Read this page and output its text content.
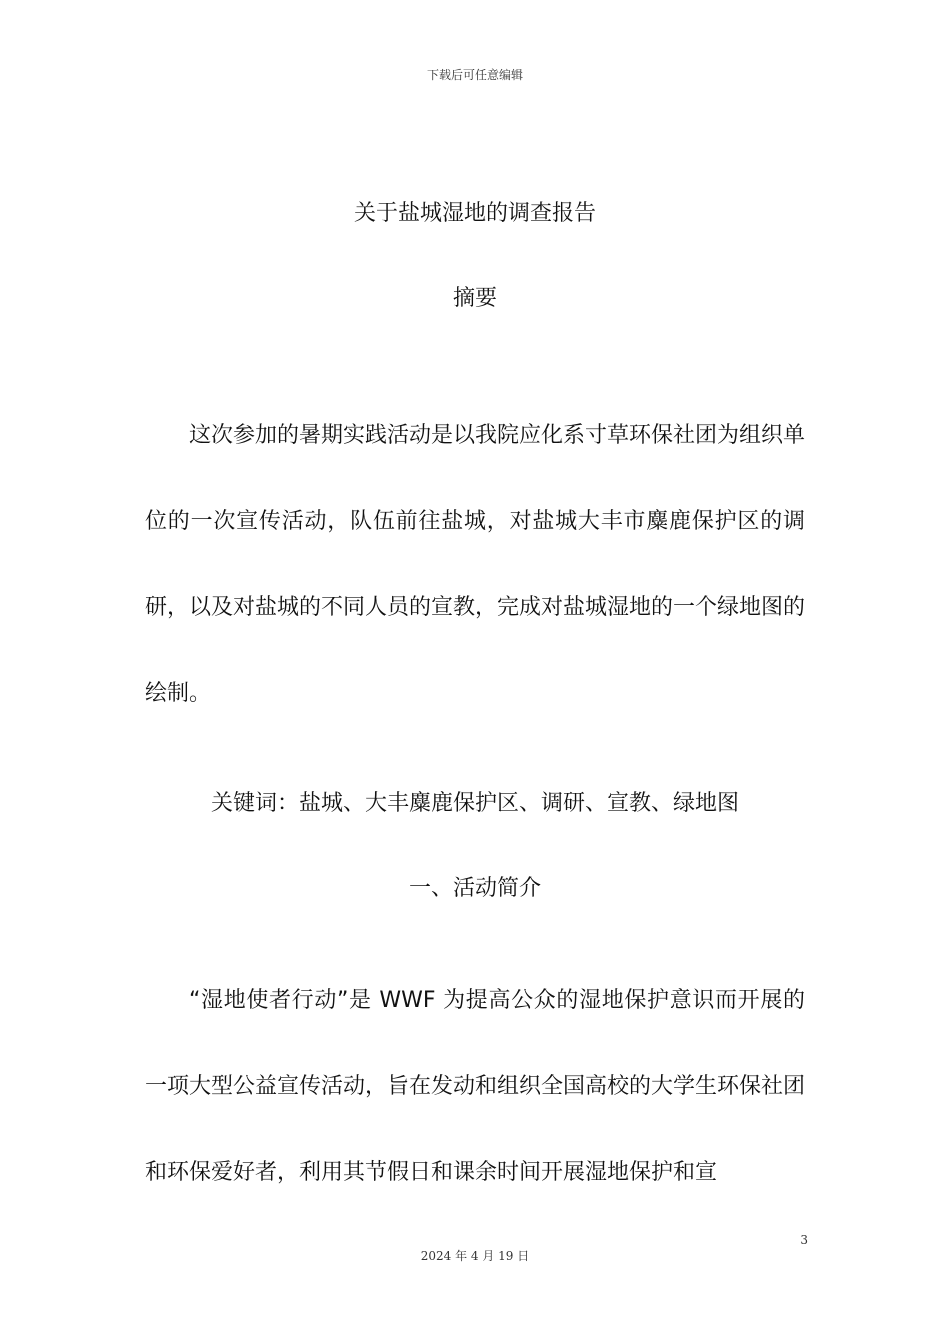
下载后可任意编辑
关于盐城湿地的调查报告
摘要

这次参加的暑期实践活动是以我院应化系寸草环保社团为组织单位的一次宣传活动，队伍前往盐城，对盐城大丰市麋鹿保护区的调研，以及对盐城的不同人员的宣教，完成对盐城湿地的一个绿地图的绘制。

关键词：盐城、大丰麋鹿保护区、调研、宣教、绿地图
一、活动简介

“湿地使者行动”是 WWF 为提高公众的湿地保护意识而开展的一项大型公益宣传活动，旨在发动和组织全国高校的大学生环保社团和环保爱好者，利用其节假日和课余时间开展湿地保护和宣

3
2024 年 4 月 19 日
